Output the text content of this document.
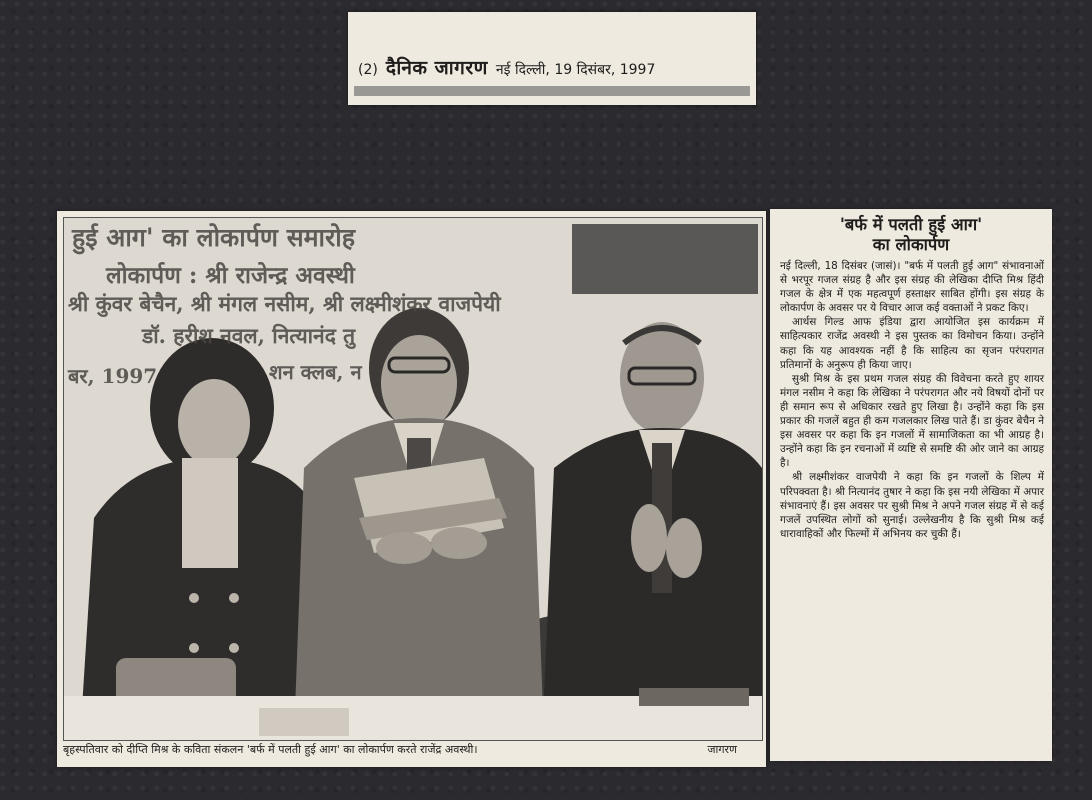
(2) दैनिक जागरण नई दिल्ली, 19 दिसंबर, 1997
हुई आग' का लोकार्पण समारोह
लोकार्पण : श्री राजेन्द्र अवस्थी
श्री कुंवर बेचैन, श्री मंगल नसीम, श्री लक्ष्मीशंकर वाजपेयी
डॉ. हरीश नवल, नित्यानंद तु
बर, 1997	शन क्लब, न
बृहस्पतिवार को दीप्ति मिश्र के कविता संकलन 'बर्फ में पलती हुई आग' का लोकार्पण करते राजेंद्र अवस्थी।	जागरण
'बर्फ में पलती हुई आग'
का लोकार्पण

नई दिल्ली, 18 दिसंबर (जासं)। "बर्फ में पलती हुई आग" संभावनाओं से भरपूर गजल संग्रह है और इस संग्रह की लेखिका दीप्ति मिश्र हिंदी गजल के क्षेत्र में एक महत्वपूर्ण हस्ताक्षर साबित होंगी। इस संग्रह के लोकार्पण के अवसर पर ये विचार आज कई वक्ताओं ने प्रकट किए।

आर्थस गिल्ड आफ इंडिया द्वारा आयोजित इस कार्यक्रम में साहित्यकार राजेंद्र अवस्थी ने इस पुस्तक का विमोचन किया। उन्होंने कहा कि यह आवश्यक नहीं है कि साहित्य का सृजन परंपरागत प्रतिमानों के अनुरूप ही किया जाए।

सुश्री मिश्र के इस प्रथम गजल संग्रह की विवेचना करते हुए शायर मंगल नसीम ने कहा कि लेखिका ने परंपरागत और नये विषयों दोनों पर ही समान रूप से अधिकार रखते हुए लिखा है। उन्होंने कहा कि इस प्रकार की गजलें बहुत ही कम गजलकार लिख पाते हैं। डा कुंवर बेचैन ने इस अवसर पर कहा कि इन गजलों में सामाजिकता का भी आग्रह है। उन्होंने कहा कि इन रचनाओं में व्यष्टि से समष्टि की ओर जाने का आग्रह है।

श्री लक्ष्मीशंकर वाजपेयी ने कहा कि इन गजलों के शिल्प में परिपक्वता है। श्री नित्यानंद तुषार ने कहा कि इस नयी लेखिका में अपार संभावनाएं हैं। इस अवसर पर सुश्री मिश्र ने अपने गजल संग्रह में से कई गजलें उपस्थित लोगों को सुनाई। उल्लेखनीय है कि सुश्री मिश्र कई धारावाहिकों और फिल्मों में अभिनय कर चुकी हैं।
